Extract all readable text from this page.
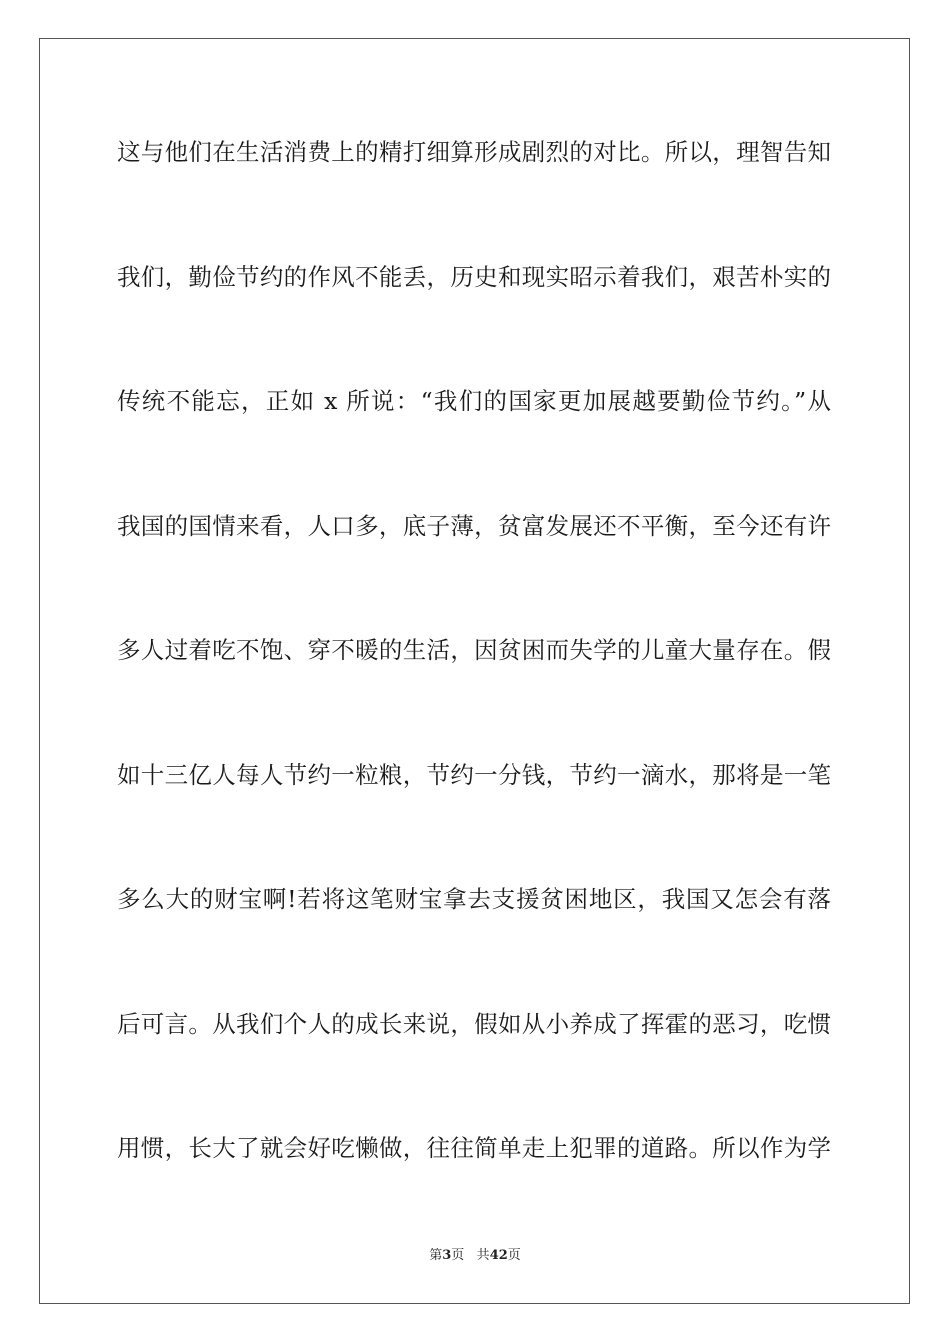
这与他们在生活消费上的精打细算形成剧烈的对比。所以，理智告知
我们，勤俭节约的作风不能丢，历史和现实昭示着我们，艰苦朴实的
传统不能忘，正如 x 所说：“我们的国家更加展越要勤俭节约。”从
我国的国情来看，人口多，底子薄，贫富发展还不平衡，至今还有许
多人过着吃不饱、穿不暖的生活，因贫困而失学的儿童大量存在。假
如十三亿人每人节约一粒粮，节约一分钱，节约一滴水，那将是一笔
多么大的财宝啊!若将这笔财宝拿去支援贫困地区，我国又怎会有落
后可言。从我们个人的成长来说，假如从小养成了挥霍的恶习，吃惯
用惯，长大了就会好吃懒做，往往简单走上犯罪的道路。所以作为学
第3页 共42页
